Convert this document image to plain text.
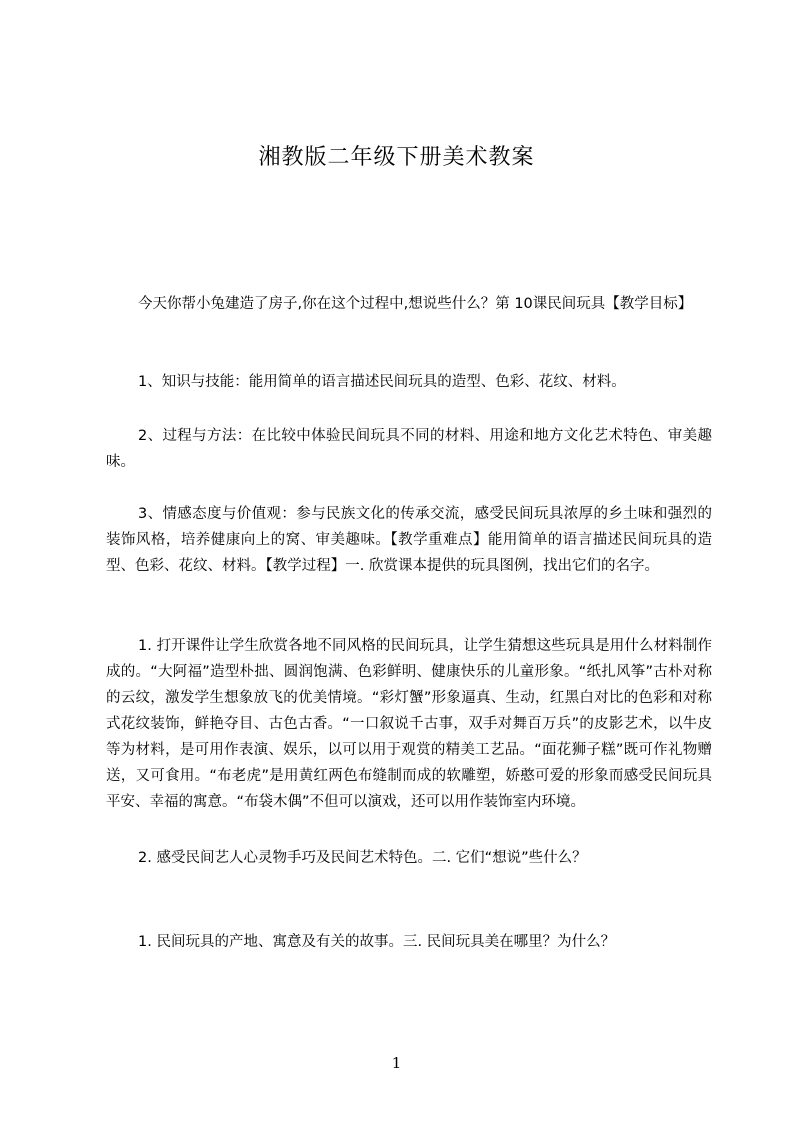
湘教版二年级下册美术教案

今天你帮小兔建造了房子,你在这个过程中,想说些什么？第 10课民间玩具【教学目标】

1、知识与技能：能用简单的语言描述民间玩具的造型、色彩、花纹、材料。

2、过程与方法：在比较中体验民间玩具不同的材料、用途和地方文化艺术特色、审美趣味。

3、情感态度与价值观：参与民族文化的传承交流，感受民间玩具浓厚的乡土味和强烈的装饰风格，培养健康向上的窝、审美趣味。【教学重难点】能用简单的语言描述民间玩具的造型、色彩、花纹、材料。【教学过程】一. 欣赏课本提供的玩具图例，找出它们的名字。

1. 打开课件让学生欣赏各地不同风格的民间玩具，让学生猜想这些玩具是用什么材料制作成的。“大阿福”造型朴拙、圆润饱满、色彩鲜明、健康快乐的儿童形象。“纸扎风筝”古朴对称的云纹，激发学生想象放飞的优美情境。“彩灯蟹”形象逼真、生动，红黑白对比的色彩和对称式花纹装饰，鲜艳夺目、古色古香。“一口叙说千古事，双手对舞百万兵”的皮影艺术，以牛皮等为材料，是可用作表演、娱乐，以可以用于观赏的精美工艺品。“面花狮子糕”既可作礼物赠送，又可食用。“布老虎”是用黄红两色布缝制而成的软雕塑，娇憨可爱的形象而感受民间玩具平安、幸福的寓意。“布袋木偶”不但可以演戏，还可以用作装饰室内环境。

2. 感受民间艺人心灵物手巧及民间艺术特色。二. 它们“想说”些什么？

1. 民间玩具的产地、寓意及有关的故事。三. 民间玩具美在哪里？为什么？

1
